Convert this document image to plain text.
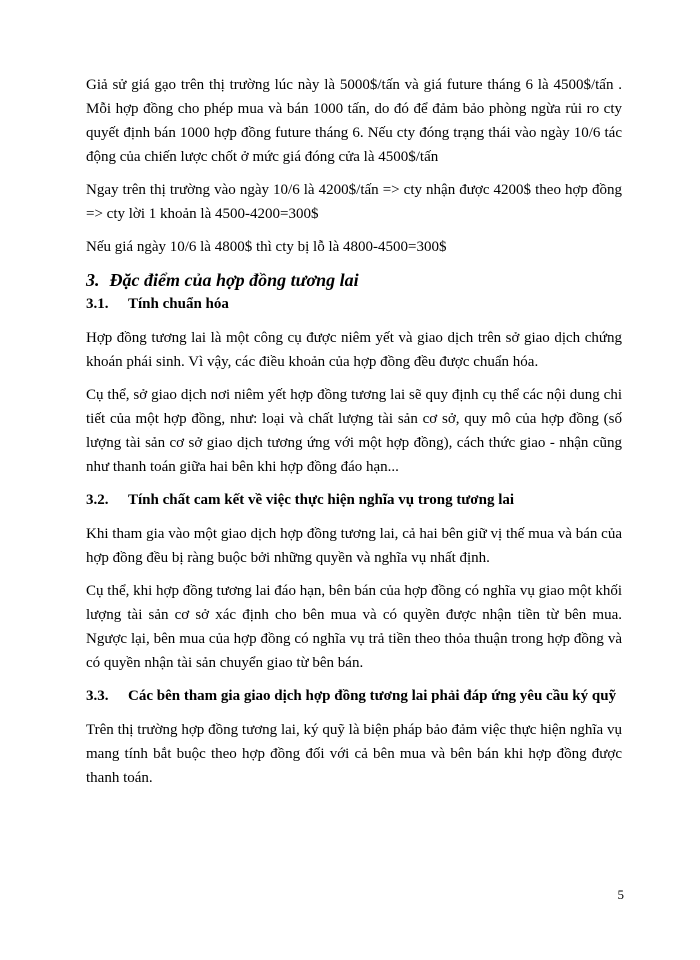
Giả sử giá gạo trên thị trường lúc này là 5000$/tấn và giá future tháng 6 là 4500$/tấn . Mỗi hợp đồng cho phép mua và bán 1000 tấn, do đó để đảm bảo phòng ngừa rủi ro cty quyết định bán 1000 hợp đồng future tháng 6. Nếu cty đóng trạng thái vào ngày 10/6 tác động của chiến lược chốt ở mức giá đóng cửa là 4500$/tấn

Ngay trên thị trường vào ngày 10/6 là 4200$/tấn => cty nhận được 4200$ theo hợp đồng => cty lời 1 khoản là 4500-4200=300$

Nếu giá ngày 10/6 là 4800$ thì cty bị lỗ là 4800-4500=300$

3. Đặc điểm của hợp đồng tương lai
3.1.	Tính chuẩn hóa

Hợp đồng tương lai là một công cụ được niêm yết và giao dịch trên sở giao dịch chứng khoán phái sinh. Vì vậy, các điều khoản của hợp đồng đều được chuẩn hóa.

Cụ thể, sở giao dịch nơi niêm yết hợp đồng tương lai sẽ quy định cụ thể các nội dung chi tiết của một hợp đồng, như: loại và chất lượng tài sản cơ sở, quy mô của hợp đồng (số lượng tài sản cơ sở giao dịch tương ứng với một hợp đồng), cách thức giao - nhận cũng như thanh toán giữa hai bên khi hợp đồng đáo hạn...

3.2.	Tính chất cam kết về việc thực hiện nghĩa vụ trong tương lai

Khi tham gia vào một giao dịch hợp đồng tương lai, cả hai bên giữ vị thế mua và bán của hợp đồng đều bị ràng buộc bởi những quyền và nghĩa vụ nhất định.

Cụ thể, khi hợp đồng tương lai đáo hạn, bên bán của hợp đồng có nghĩa vụ giao một khối lượng tài sản cơ sở xác định cho bên mua và có quyền được nhận tiền từ bên mua. Ngược lại, bên mua của hợp đồng có nghĩa vụ trả tiền theo thỏa thuận trong hợp đồng và có quyền nhận tài sản chuyển giao từ bên bán.

3.3.	Các bên tham gia giao dịch hợp đồng tương lai phải đáp ứng yêu cầu ký quỹ

Trên thị trường hợp đồng tương lai, ký quỹ là biện pháp bảo đảm việc thực hiện nghĩa vụ mang tính bắt buộc theo hợp đồng đối với cả bên mua và bên bán khi hợp đồng được thanh toán.

5
